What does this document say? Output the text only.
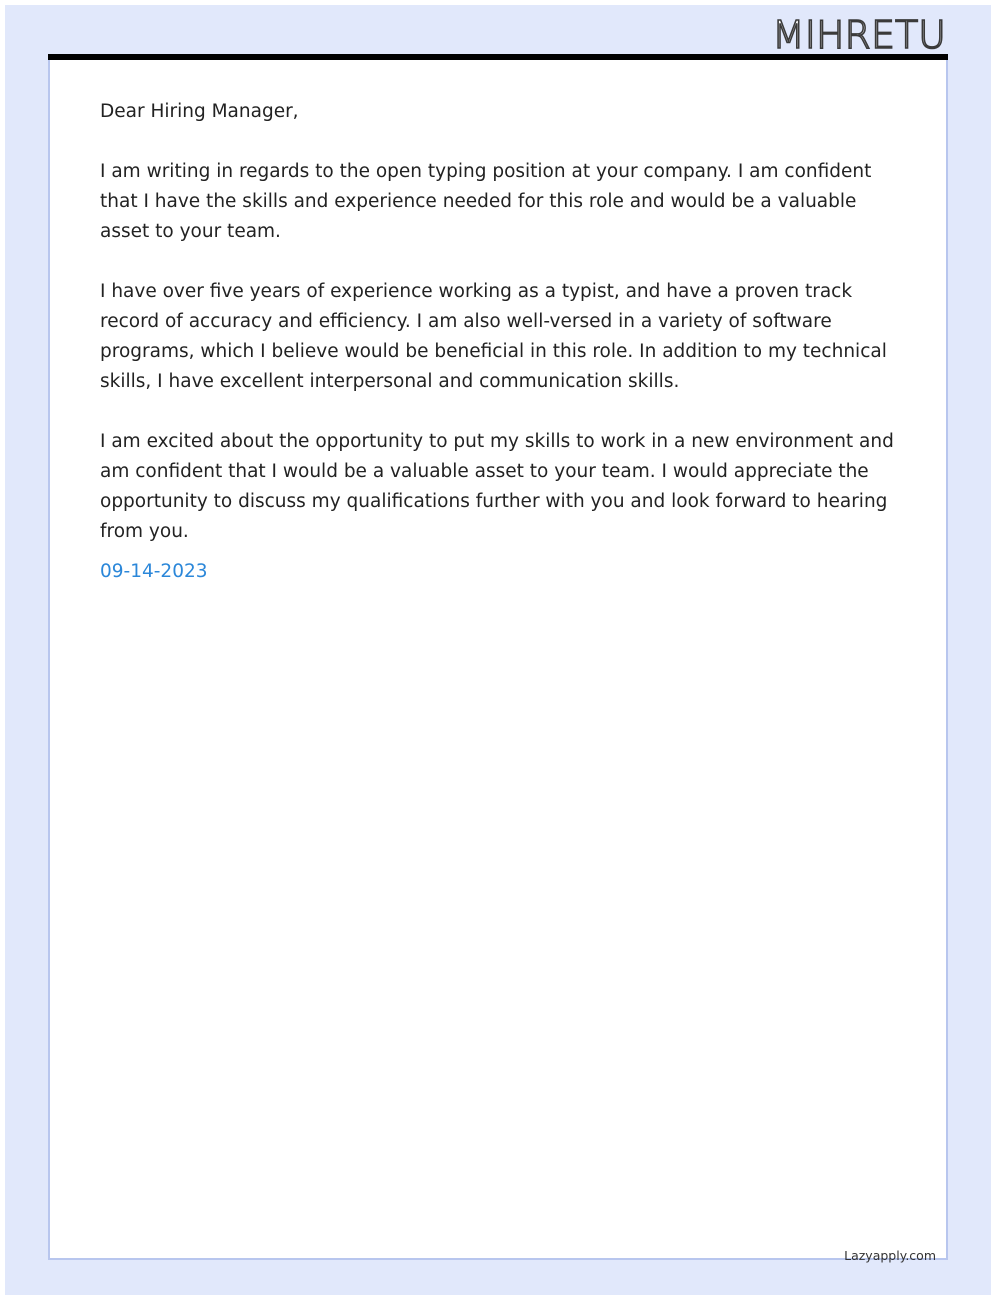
MIHRETU

Dear Hiring Manager,

I am writing in regards to the open typing position at your company. I am confident that I have the skills and experience needed for this role and would be a valuable asset to your team.

I have over five years of experience working as a typist, and have a proven track record of accuracy and efficiency. I am also well-versed in a variety of software programs, which I believe would be beneficial in this role. In addition to my technical skills, I have excellent interpersonal and communication skills.

I am excited about the opportunity to put my skills to work in a new environment and am confident that I would be a valuable asset to your team. I would appreciate the opportunity to discuss my qualifications further with you and look forward to hearing from you.

09-14-2023
Lazyapply.com
